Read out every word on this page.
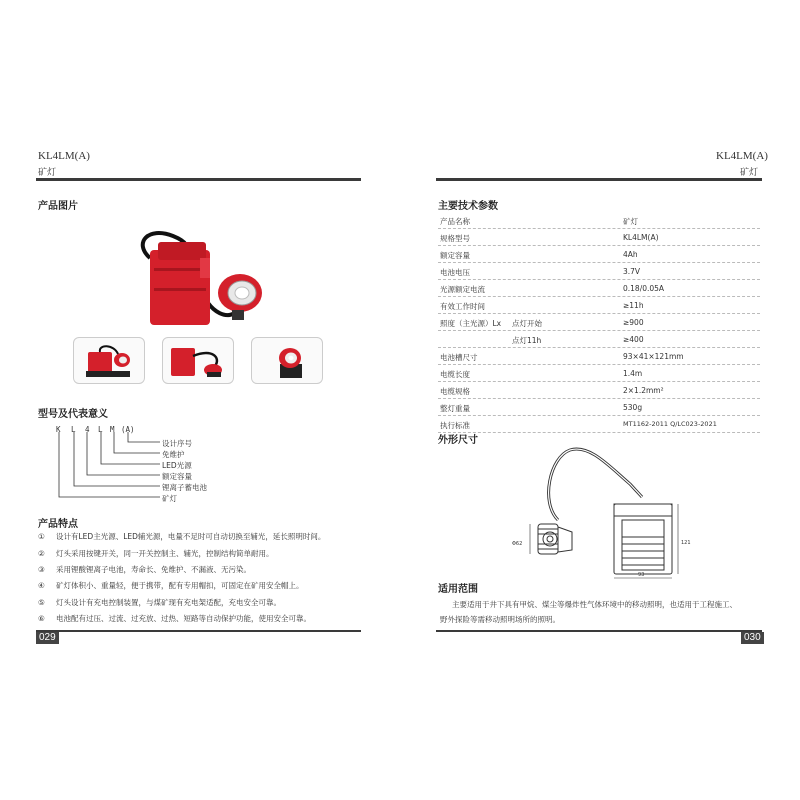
KL4LM(A)
矿灯
产品图片
型号及代表意义
K L 4 L M (A)
设计序号
免维护
LED光源
额定容量
锂离子蓄电池
矿灯
产品特点
① 设计有LED主光源、LED辅光源，电量不足时可自动切换至辅光，延长照明时间。
② 灯头采用按键开关，同一开关控制主、辅光，控制结构简单耐用。
③ 采用锂酸锂离子电池，寿命长、免维护、不漏液、无污染。
④ 矿灯体积小、重量轻，便于携带，配有专用帽扣，可固定在矿用安全帽上。
⑤ 灯头设计有充电控制装置，与煤矿现有充电架适配，充电安全可靠。
⑥ 电池配有过压、过流、过充放、过热、短路等自动保护功能，使用安全可靠。
029
KL4LM(A)
矿灯
主要技术参数
产品名称	矿灯
规格型号	KL4LM(A)
额定容量	4Ah
电池电压	3.7V
光源额定电流	0.18/0.05A
有效工作时间	≥11h
照度（主光源）Lx 点灯开始	≥900
点灯11h	≥400
电池槽尺寸	93×41×121mm
电缆长度	1.4m
电缆规格	2×1.2mm²
整灯重量	530g
执行标准	MT1162-2011 Q/LC023-2021
外形尺寸
93
121
Φ62
适用范围
主要适用于井下具有甲烷、煤尘等爆炸性气体环境中的移动照明，也适用于工程施工、
野外探险等需移动照明场所的照明。
030
